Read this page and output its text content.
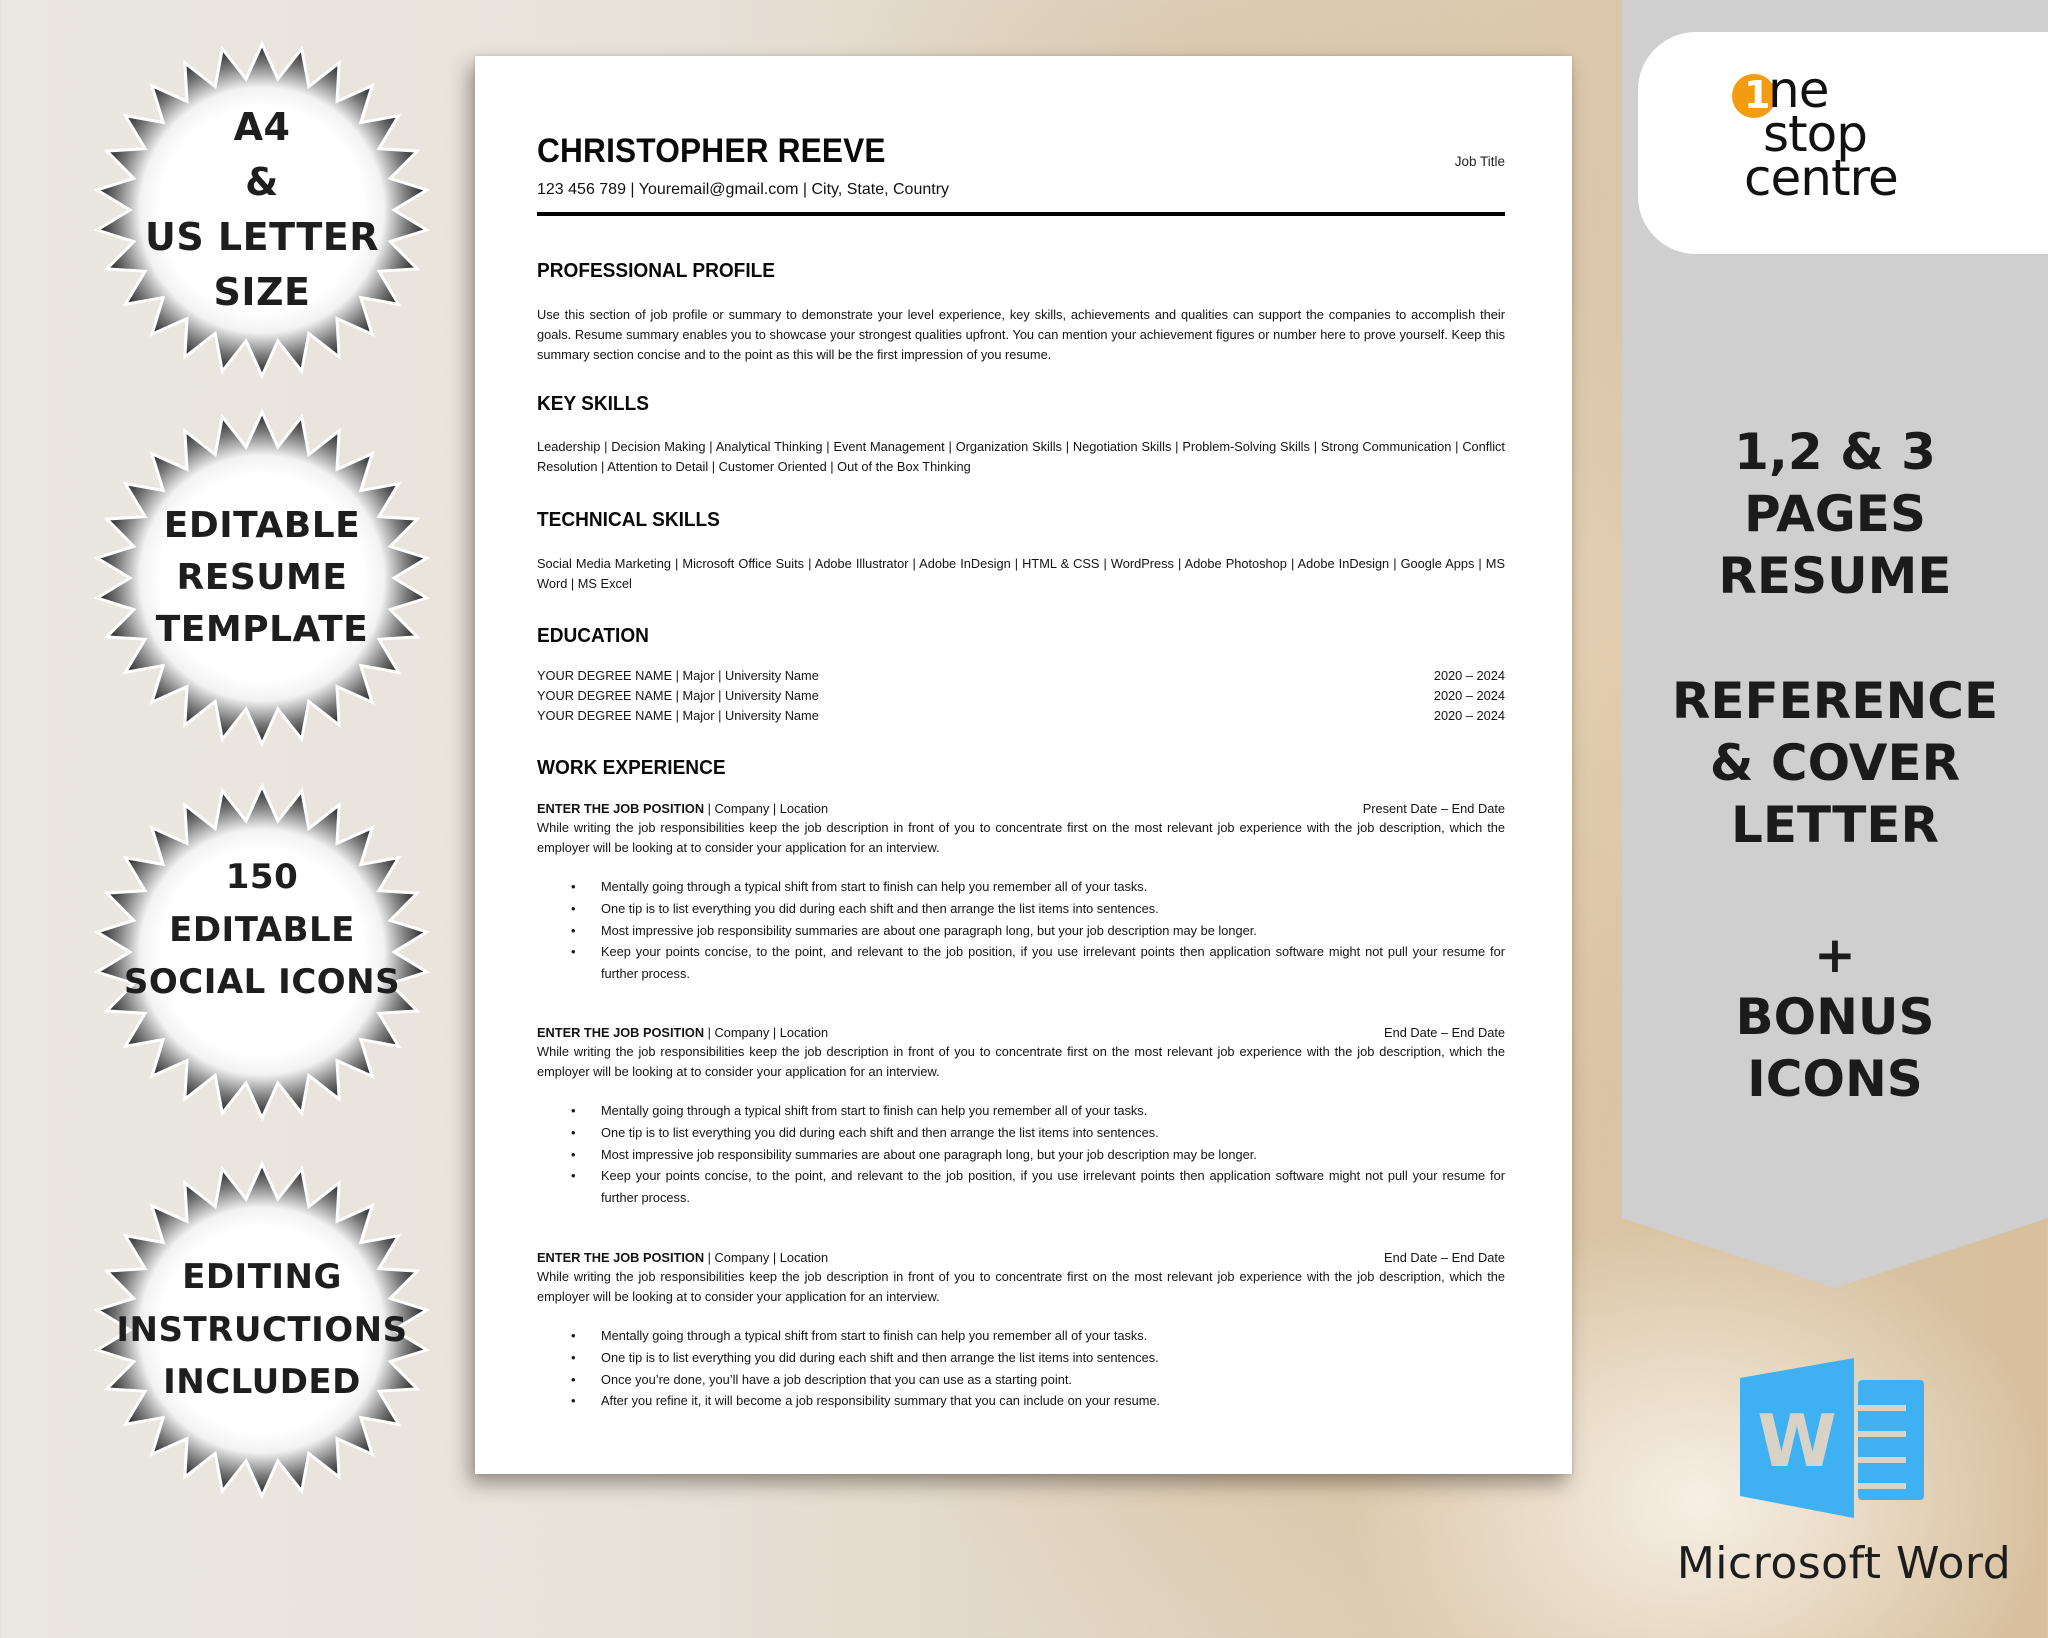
A4
&
US LETTER
SIZE
EDITABLE
RESUME
TEMPLATE
150
EDITABLE
SOCIAL ICONS
EDITING
INSTRUCTIONS
INCLUDED
CHRISTOPHER REEVE	Job Title
123 456 789 | Youremail@gmail.com | City, State, Country
PROFESSIONAL PROFILE
Use this section of job profile or summary to demonstrate your level experience, key skills, achievements and qualities can support the companies to accomplish their goals. Resume summary enables you to showcase your strongest qualities upfront. You can mention your achievement figures or number here to prove yourself. Keep this summary section concise and to the point as this will be the first impression of you resume.
KEY SKILLS
Leadership | Decision Making | Analytical Thinking | Event Management | Organization Skills | Negotiation Skills | Problem-Solving Skills | Strong Communication | Conflict Resolution | Attention to Detail | Customer Oriented | Out of the Box Thinking
TECHNICAL SKILLS
Social Media Marketing | Microsoft Office Suits | Adobe Illustrator | Adobe InDesign | HTML & CSS | WordPress | Adobe Photoshop | Adobe InDesign | Google Apps | MS Word | MS Excel
EDUCATION
YOUR DEGREE NAME | Major | University Name	2020 – 2024
YOUR DEGREE NAME | Major | University Name	2020 – 2024
YOUR DEGREE NAME | Major | University Name	2020 – 2024
WORK EXPERIENCE
ENTER THE JOB POSITION | Company | Location	Present Date – End Date
While writing the job responsibilities keep the job description in front of you to concentrate first on the most relevant job experience with the job description, which the employer will be looking at to consider your application for an interview.
• Mentally going through a typical shift from start to finish can help you remember all of your tasks.
• One tip is to list everything you did during each shift and then arrange the list items into sentences.
• Most impressive job responsibility summaries are about one paragraph long, but your job description may be longer.
• Keep your points concise, to the point, and relevant to the job position, if you use irrelevant points then application software might not pull your resume for further process.
ENTER THE JOB POSITION | Company | Location	End Date – End Date
While writing the job responsibilities keep the job description in front of you to concentrate first on the most relevant job experience with the job description, which the employer will be looking at to consider your application for an interview.
• Mentally going through a typical shift from start to finish can help you remember all of your tasks.
• One tip is to list everything you did during each shift and then arrange the list items into sentences.
• Most impressive job responsibility summaries are about one paragraph long, but your job description may be longer.
• Keep your points concise, to the point, and relevant to the job position, if you use irrelevant points then application software might not pull your resume for further process.
ENTER THE JOB POSITION | Company | Location	End Date – End Date
While writing the job responsibilities keep the job description in front of you to concentrate first on the most relevant job experience with the job description, which the employer will be looking at to consider your application for an interview.
• Mentally going through a typical shift from start to finish can help you remember all of your tasks.
• One tip is to list everything you did during each shift and then arrange the list items into sentences.
• Once you’re done, you’ll have a job description that you can use as a starting point.
• After you refine it, it will become a job responsibility summary that you can include on your resume.
1
ne
stop
centre
1,2 & 3
PAGES
RESUME
REFERENCE
& COVER
LETTER
+
BONUS
ICONS
W
Microsoft Word
